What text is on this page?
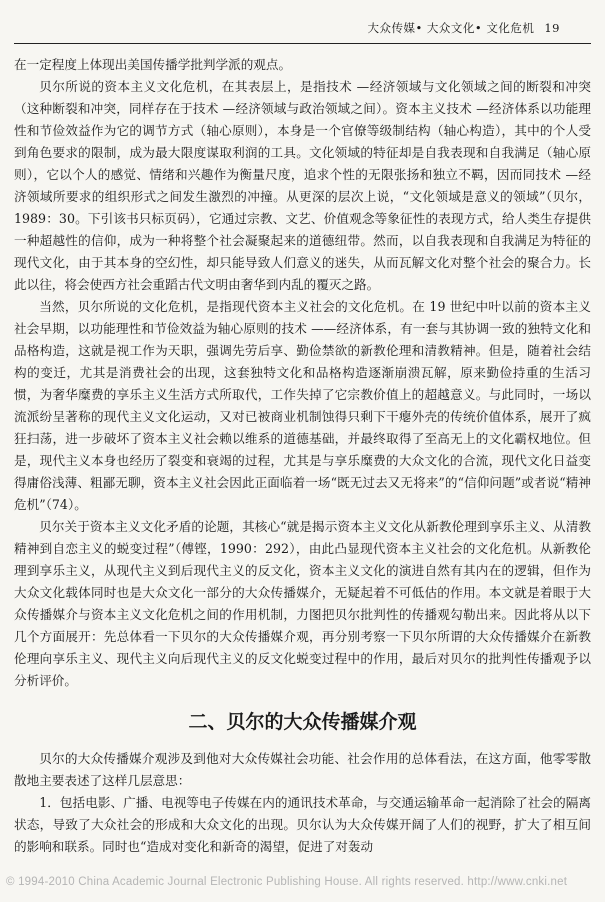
大众传媒• 大众文化• 文化危机 19

在一定程度上体现出美国传播学批判学派的观点。

贝尔所说的资本主义文化危机，在其表层上，是指技术 —经济领域与文化领域之间的断裂和冲突（这种断裂和冲突，同样存在于技术 —经济领域与政治领域之间）。资本主义技术 —经济体系以功能理性和节俭效益作为它的调节方式（轴心原则），本身是一个官僚等级制结构（轴心构造），其中的个人受到角色要求的限制，成为最大限度谋取利润的工具。文化领域的特征却是自我表现和自我满足（轴心原则），它以个人的感觉、情绪和兴趣作为衡量尺度，追求个性的无限张扬和独立不羁，因而同技术 —经济领域所要求的组织形式之间发生激烈的冲撞。从更深的层次上说，“文化领域是意义的领域”（贝尔，1989：30。下引该书只标页码），它通过宗教、文艺、价值观念等象征性的表现方式，给人类生存提供一种超越性的信仰，成为一种将整个社会凝聚起来的道德纽带。然而，以自我表现和自我满足为特征的现代文化，由于其本身的空幻性，却只能导致人们意义的迷失，从而瓦解文化对整个社会的聚合力。长此以往，将会使西方社会重蹈古代文明由奢华到内乱的覆灭之路。

当然，贝尔所说的文化危机，是指现代资本主义社会的文化危机。在 19 世纪中叶以前的资本主义社会早期，以功能理性和节俭效益为轴心原则的技术 ——经济体系，有一套与其协调一致的独特文化和品格构造，这就是视工作为天职，强调先劳后享、勤俭禁欲的新教伦理和清教精神。但是，随着社会结构的变迁，尤其是消费社会的出现，这套独特文化和品格构造逐渐崩溃瓦解，原来勤俭持重的生活习惯，为奢华糜费的享乐主义生活方式所取代，工作失掉了它宗教价值上的超越意义。与此同时，一场以流派纷呈著称的现代主义文化运动，又对已被商业机制蚀得只剩下干瘪外壳的传统价值体系，展开了疯狂扫荡，进一步破坏了资本主义社会赖以维系的道德基础，并最终取得了至高无上的文化霸权地位。但是，现代主义本身也经历了裂变和衰竭的过程，尤其是与享乐糜费的大众文化的合流，现代文化日益变得庸俗浅薄、粗鄙无聊，资本主义社会因此正面临着一场“既无过去又无将来”的“信仰问题”或者说“精神危机”（74）。

贝尔关于资本主义文化矛盾的论题，其核心“就是揭示资本主义文化从新教伦理到享乐主义、从清教精神到自恋主义的蜕变过程”（傅铿，1990：292），由此凸显现代资本主义社会的文化危机。从新教伦理到享乐主义，从现代主义到后现代主义的反文化，资本主义文化的演进自然有其内在的逻辑，但作为大众文化载体同时也是大众文化一部分的大众传播媒介，无疑起着不可低估的作用。本文就是着眼于大众传播媒介与资本主义文化危机之间的作用机制，力图把贝尔批判性的传播观勾勒出来。因此将从以下几个方面展开：先总体看一下贝尔的大众传播媒介观，再分别考察一下贝尔所谓的大众传播媒介在新教伦理向享乐主义、现代主义向后现代主义的反文化蜕变过程中的作用，最后对贝尔的批判性传播观予以分析评价。

二、贝尔的大众传播媒介观

贝尔的大众传播媒介观涉及到他对大众传媒社会功能、社会作用的总体看法，在这方面，他零零散散地主要表述了这样几层意思：

1．包括电影、广播、电视等电子传媒在内的通讯技术革命，与交通运输革命一起消除了社会的隔离状态，导致了大众社会的形成和大众文化的出现。贝尔认为大众传媒开阔了人们的视野，扩大了相互间的影响和联系。同时也“造成对变化和新奇的渴望，促进了对轰动

© 1994-2010 China Academic Journal Electronic Publishing House. All rights reserved. http://www.cnki.net
